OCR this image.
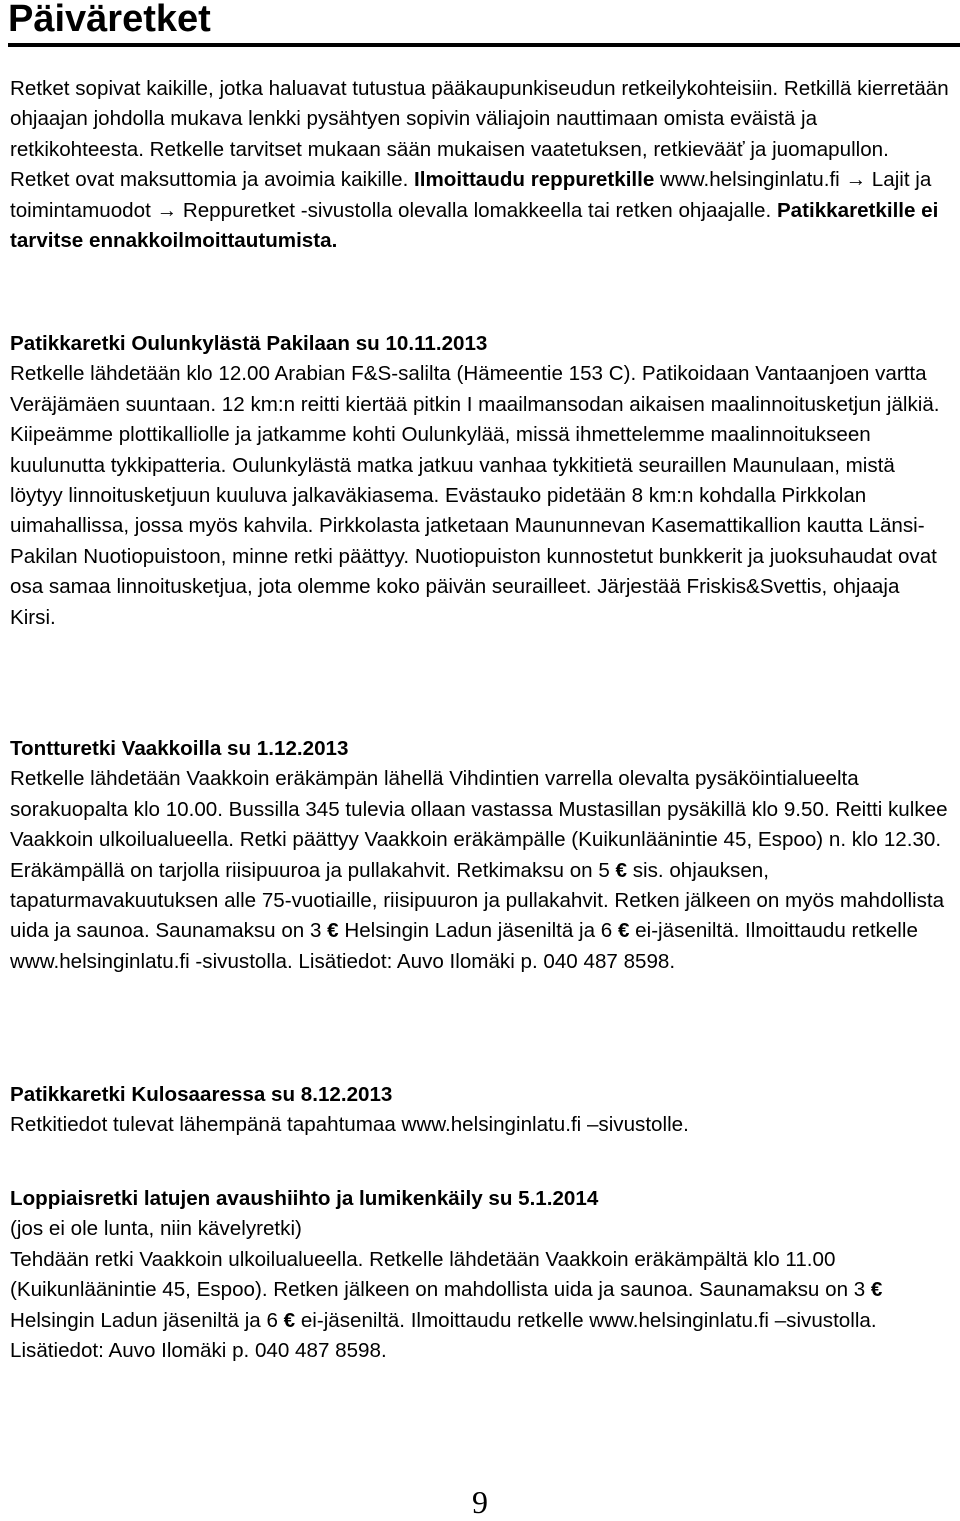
Päiväretket
Retket sopivat kaikille, jotka haluavat tutustua pääkaupunkiseudun retkeilykohteisiin. Retkillä kierretään ohjaajan johdolla mukava lenkki pysähtyen sopivin väliajoin nauttimaan omista eväistä ja retkikohteesta. Retkelle tarvitset mukaan sään mukaisen vaatetuksen, retkievääť ja juomapullon. Retket ovat maksuttomia ja avoimia kaikille. Ilmoittaudu reppuretkille www.helsinginlatu.fi → Lajit ja toimintamuodot → Reppuretket -sivustolla olevalla lomakkeella tai retken ohjaajalle. Patikkaretkille ei tarvitse ennakkoilmoittautumista.

Patikkaretki Oulunkylästä Pakilaan su 10.11.2013

Retkelle lähdetään klo 12.00 Arabian F&S-salilta (Hämeentie 153 C). Patikoidaan Vantaanjoen vartta Veräjämäen suuntaan. 12 km:n reitti kiertää pitkin I maailmansodan aikaisen maalinnoitusketjun jälkiä. Kiipeämme plottikalliolle ja jatkamme kohti Oulunkylää, missä ihmettelemme maalinnoitukseen kuulunutta tykkipatteria. Oulunkylästä matka jatkuu vanhaa tykkitietä seuraillen Maunulaan, mistä löytyy linnoitusketjuun kuuluva jalkaväkiasema. Evästauko pidetään 8 km:n kohdalla Pirkkolan uimahallissa, jossa myös kahvila. Pirkkolasta jatketaan Maununnevan Kasemattikallion kautta Länsi-Pakilan Nuotiopuistoon, minne retki päättyy. Nuotiopuiston kunnostetut bunkkerit ja juoksuhaudat ovat osa samaa linnoitusketjua, jota olemme koko päivän seurailleet. Järjestää Friskis&Svettis, ohjaaja Kirsi.

Tontturetki Vaakkoilla su 1.12.2013

Retkelle lähdetään Vaakkoin eräkämpän lähellä Vihdintien varrella olevalta pysäköintialueelta sorakuopalta klo 10.00. Bussilla 345 tulevia ollaan vastassa Mustasillan pysäkillä klo 9.50. Reitti kulkee Vaakkoin ulkoilualueella. Retki päättyy Vaakkoin eräkämpälle (Kuikunläänintie 45, Espoo) n. klo 12.30. Eräkämpällä on tarjolla riisipuuroa ja pullakahvit. Retkimaksu on 5 € sis. ohjauksen, tapaturmavakuutuksen alle 75-vuotiaille, riisipuuron ja pullakahvit. Retken jälkeen on myös mahdollista uida ja saunoa. Saunamaksu on 3 € Helsingin Ladun jäseniltä ja 6 € ei-jäseniltä. Ilmoittaudu retkelle www.helsinginlatu.fi -sivustolla. Lisätiedot: Auvo Ilomäki p. 040 487 8598.

Patikkaretki Kulosaaressa su 8.12.2013

Retkitiedot tulevat lähempänä tapahtumaa www.helsinginlatu.fi –sivustolle.

Loppiaisretki latujen avaushiihto ja lumikenkäily su 5.1.2014

(jos ei ole lunta, niin kävelyretki)

Tehdään retki Vaakkoin ulkoilualueella. Retkelle lähdetään Vaakkoin eräkämpältä klo 11.00 (Kuikunläänintie 45, Espoo). Retken jälkeen on mahdollista uida ja saunoa. Saunamaksu on 3 € Helsingin Ladun jäseniltä ja 6 € ei-jäseniltä. Ilmoittaudu retkelle www.helsinginlatu.fi –sivustolla. Lisätiedot: Auvo Ilomäki p. 040 487 8598.

9
